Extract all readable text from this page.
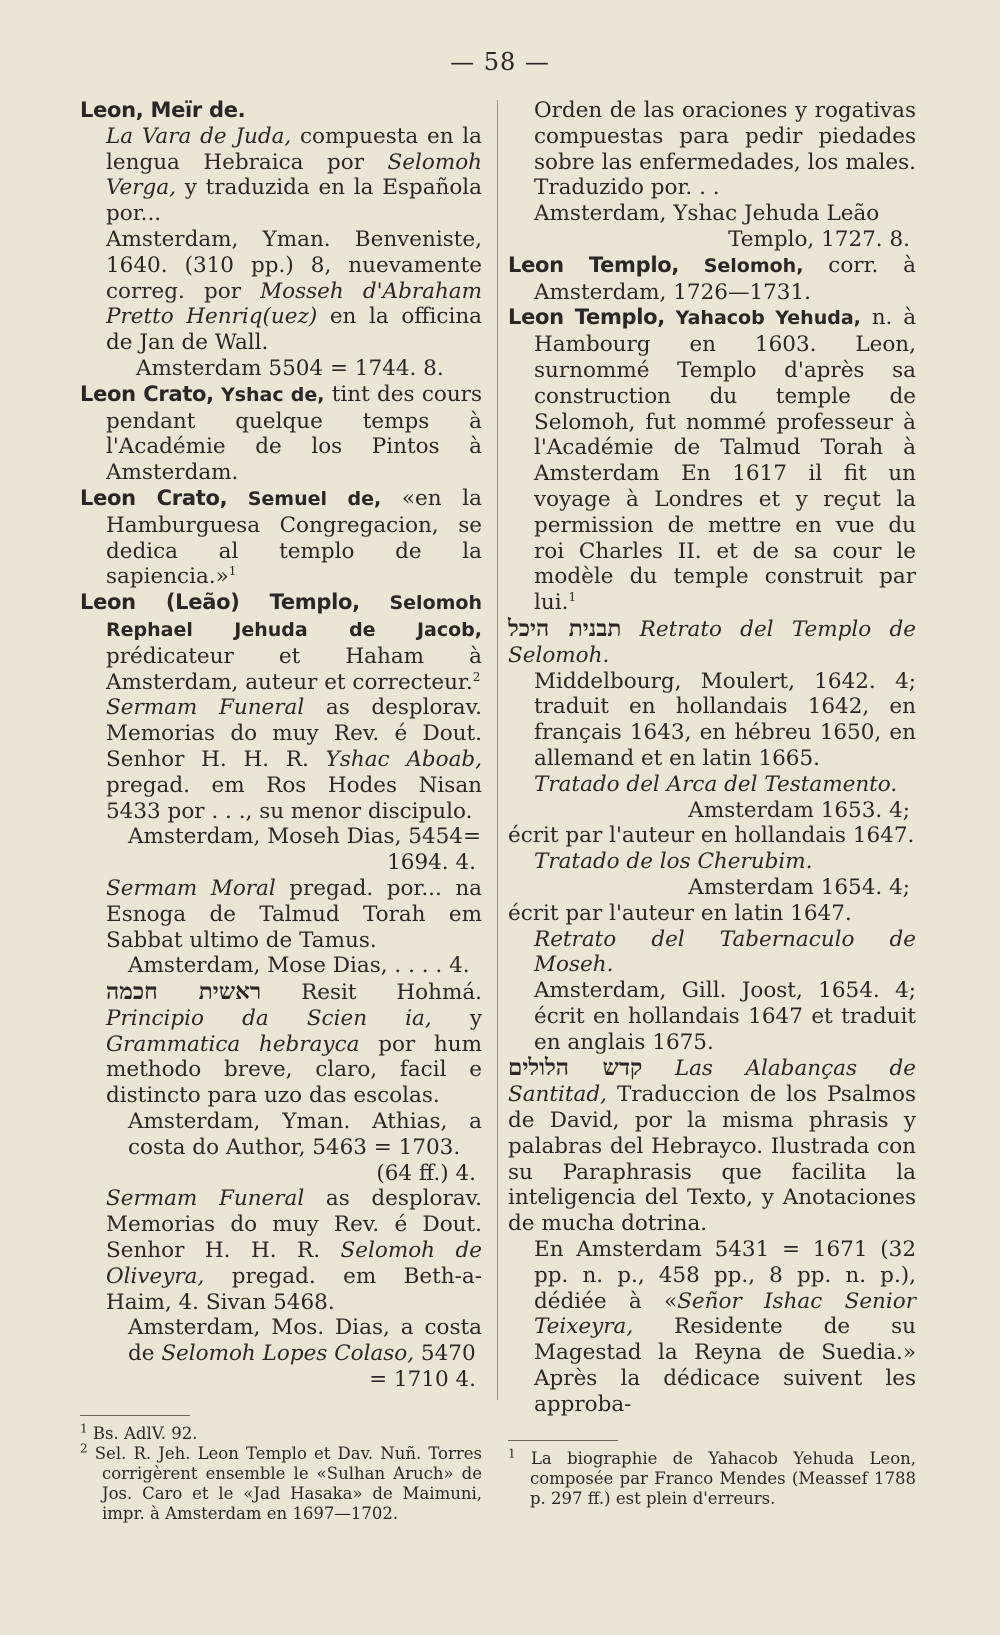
— 58 —

Leon, Meïr de.

La Vara de Juda, compuesta en la lengua Hebraica por Selomoh Verga, y traduzida en la Española por...

Amsterdam, Yman. Benveniste, 1640. (310 pp.) 8, nuevamente correg. por Mosseh d'Abraham Pretto Henriq(uez) en la officina de Jan de Wall.

Amsterdam 5504 = 1744. 8.

Leon Crato, Yshac de, tint des cours pendant quelque temps à l'Académie de los Pintos à Amsterdam.

Leon Crato, Semuel de, «en la Hamburguesa Congregacion, se dedica al templo de la sapiencia.»$^1$

Leon (Leão) Templo, Selomoh Rephael Jehuda de Jacob, prédicateur et Haham à Amsterdam, auteur et correcteur.$^2$

Sermam Funeral as desplorav. Memorias do muy Rev. é Dout. Senhor H. H. R. Yshac Aboab, pregad. em Ros Hodes Nisan 5433 por . . ., su menor discipulo.

Amsterdam, Moseh Dias, 5454=

1694. 4.

Sermam Moral pregad. por... na Esnoga de Talmud Torah em Sabbat ultimo de Tamus.

Amsterdam, Mose Dias, . . . . 4.

ראשית חכמה Resit Hohmá. Principio da Scien ia, y Grammatica hebrayca por hum methodo breve, claro, facil e distincto para uzo das escolas.

Amsterdam, Yman. Athias, a costa do Author, 5463 = 1703.

(64 ff.) 4.

Sermam Funeral as desplorav. Memorias do muy Rev. é Dout. Senhor H. H. R. Selomoh de Oliveyra, pregad. em Beth-a-Haim, 4. Sivan 5468.

Amsterdam, Mos. Dias, a costa de Selomoh Lopes Colaso, 5470

= 1710 4.

$^1$ Bs. AdlV. 92.

$^2$ Sel. R. Jeh. Leon Templo et Dav. Nuñ. Torres corrigèrent ensemble le «Sulhan Aruch» de Jos. Caro et le «Jad Hasaka» de Maimuni, impr. à Amsterdam en 1697—1702.

Orden de las oraciones y rogativas compuestas para pedir piedades sobre las enfermedades, los males. Traduzido por. . .

Amsterdam, Yshac Jehuda Leão

Templo, 1727. 8.

Leon Templo, Selomoh, corr. à Amsterdam, 1726—1731.

Leon Templo, Yahacob Yehuda, n. à Hambourg en 1603. Leon, surnommé Templo d'après sa construction du temple de Selomoh, fut nommé professeur à l'Académie de Talmud Torah à Amsterdam En 1617 il fit un voyage à Londres et y reçut la permission de mettre en vue du roi Charles II. et de sa cour le modèle du temple construit par lui.$^1$

תבנית היכל Retrato del Templo de Selomoh.

Middelbourg, Moulert, 1642. 4; traduit en hollandais 1642, en français 1643, en hébreu 1650, en allemand et en latin 1665.

Tratado del Arca del Testamento.

Amsterdam 1653. 4;

écrit par l'auteur en hollandais 1647.

Tratado de los Cherubim.

Amsterdam 1654. 4;

écrit par l'auteur en latin 1647.

Retrato del Tabernaculo de Moseh.

Amsterdam, Gill. Joost, 1654. 4; écrit en hollandais 1647 et traduit en anglais 1675.

קדש הלולים Las Alabanças de Santitad, Traduccion de los Psalmos de David, por la misma phrasis y palabras del Hebrayco. Ilustrada con su Paraphrasis que facilita la inteligencia del Texto, y Anotaciones de mucha dotrina.

En Amsterdam 5431 = 1671 (32 pp. n. p., 458 pp., 8 pp. n. p.), dédiée à «Señor Ishac Senior Teixeyra, Residente de su Magestad la Reyna de Suedia.» Après la dédicace suivent les approba-

$^1$ La biographie de Yahacob Yehuda Leon, composée par Franco Mendes (Meassef 1788 p. 297 ff.) est plein d'erreurs.
